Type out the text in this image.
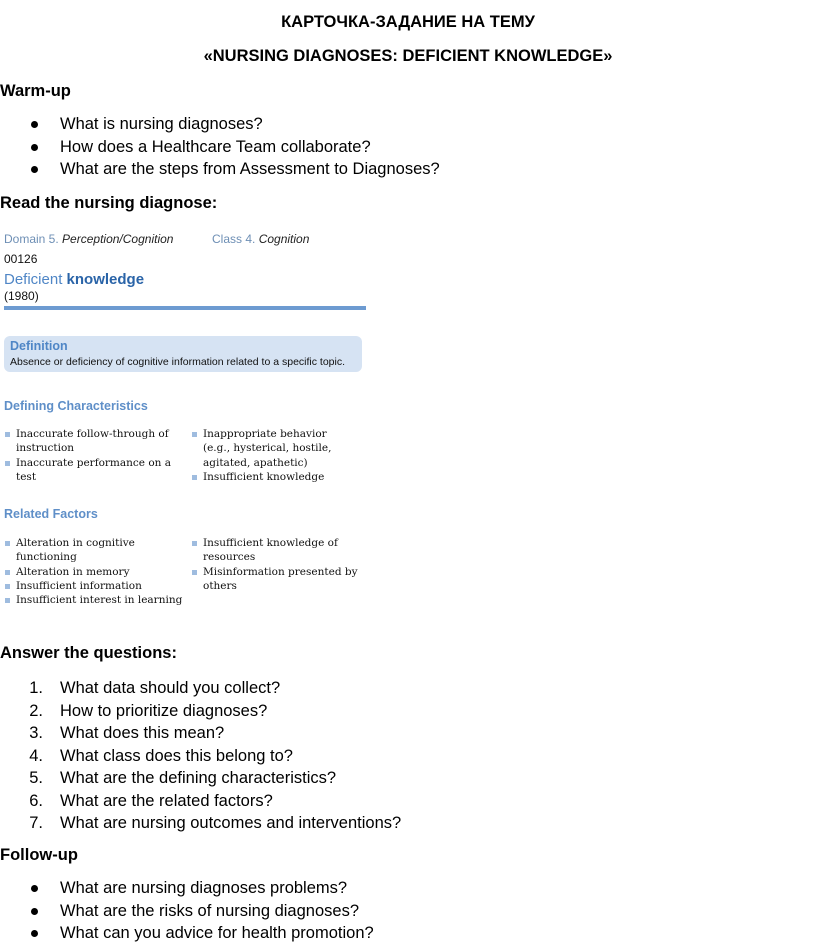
КАРТОЧКА-ЗАДАНИЕ НА ТЕМУ
«NURSING DIAGNOSES: DEFICIENT KNOWLEDGE»
Warm-up
What is nursing diagnoses?
How does a Healthcare Team collaborate?
What are the steps from Assessment to Diagnoses?
Read the nursing diagnose:
Domain 5. Perception/Cognition	Class 4. Cognition
00126
Deficient knowledge
(1980)
Definition
Absence or deficiency of cognitive information related to a specific topic.
Defining Characteristics
Inaccurate follow-through of instruction
Inaccurate performance on a test
Inappropriate behavior (e.g., hysterical, hostile, agitated, apathetic)
Insufficient knowledge
Related Factors
Alteration in cognitive functioning
Alteration in memory
Insufficient information
Insufficient interest in learning
Insufficient knowledge of resources
Misinformation presented by others
Answer the questions:
1. What data should you collect?
2. How to prioritize diagnoses?
3. What does this mean?
4. What class does this belong to?
5. What are the defining characteristics?
6. What are the related factors?
7. What are nursing outcomes and interventions?
Follow-up
What are nursing diagnoses problems?
What are the risks of nursing diagnoses?
What can you advice for health promotion?
